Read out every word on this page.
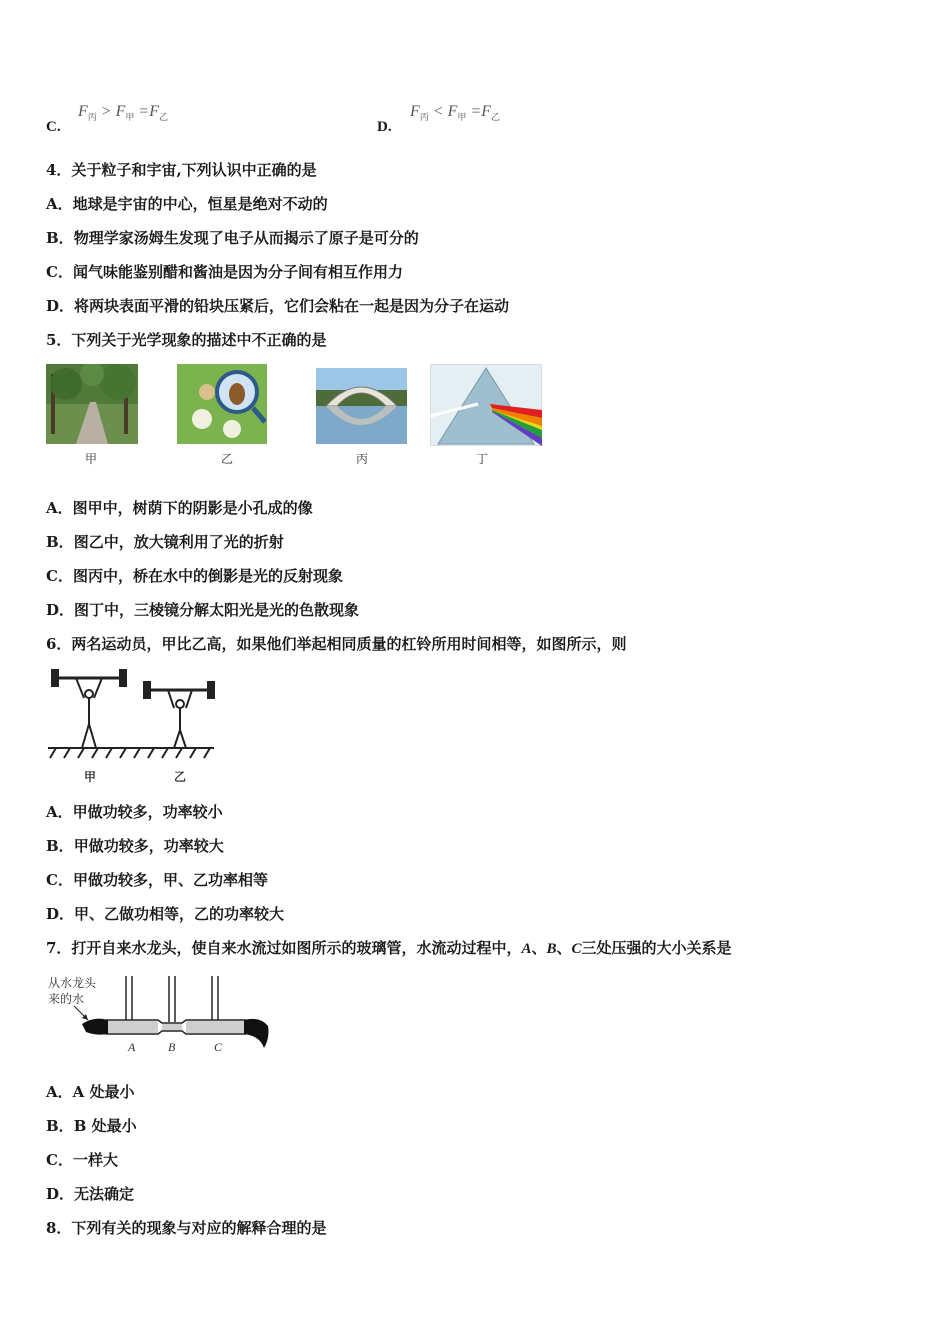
C.
$F_丙 > F_甲 =F_乙$
D.
$F_丙 < F_甲 =F_乙$
4．关于粒子和宇宙,下列认识中正确的是
A．地球是宇宙的中心，恒星是绝对不动的
B．物理学家汤姆生发现了电子从而揭示了原子是可分的
C．闻气味能鉴别醋和酱油是因为分子间有相互作用力
D．将两块表面平滑的铅块压紧后，它们会粘在一起是因为分子在运动
5．下列关于光学现象的描述中不正确的是
甲	乙	丙	丁
A．图甲中，树荫下的阴影是小孔成的像
B．图乙中，放大镜利用了光的折射
C．图丙中，桥在水中的倒影是光的反射现象
D．图丁中，三棱镜分解太阳光是光的色散现象
6．两名运动员，甲比乙高，如果他们举起相同质量的杠铃所用时间相等，如图所示，则
甲	乙
A．甲做功较多，功率较小
B．甲做功较多，功率较大
C．甲做功较多，甲、乙功率相等
D．甲、乙做功相等，乙的功率较大
7．打开自来水龙头，使自来水流过如图所示的玻璃管，水流动过程中，A、B、C三处压强的大小关系是
从水龙头
来的水
A	B	C
A．A 处最小
B．B 处最小
C．一样大
D．无法确定
8．下列有关的现象与对应的解释合理的是
